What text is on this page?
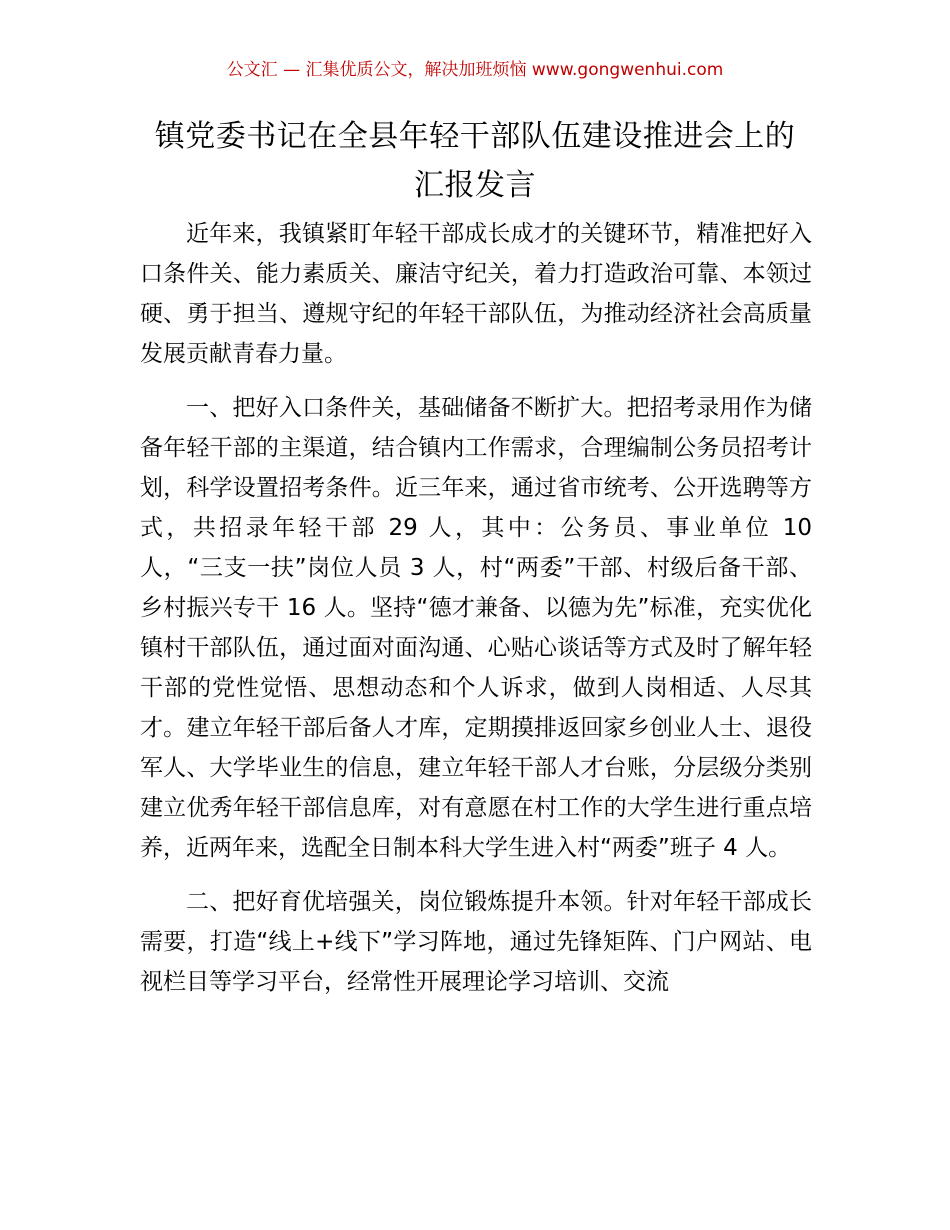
公文汇 — 汇集优质公文，解决加班烦恼 www.gongwenhui.com
镇党委书记在全县年轻干部队伍建设推进会上的汇报发言

近年来，我镇紧盯年轻干部成长成才的关键环节，精准把好入口条件关、能力素质关、廉洁守纪关，着力打造政治可靠、本领过硬、勇于担当、遵规守纪的年轻干部队伍，为推动经济社会高质量发展贡献青春力量。

一、把好入口条件关，基础储备不断扩大。把招考录用作为储备年轻干部的主渠道，结合镇内工作需求，合理编制公务员招考计划，科学设置招考条件。近三年来，通过省市统考、公开选聘等方式，共招录年轻干部 29 人，其中：公务员、事业单位 10 人，“三支一扶”岗位人员 3 人，村“两委”干部、村级后备干部、乡村振兴专干 16 人。坚持“德才兼备、以德为先”标准，充实优化镇村干部队伍，通过面对面沟通、心贴心谈话等方式及时了解年轻干部的党性觉悟、思想动态和个人诉求，做到人岗相适、人尽其才。建立年轻干部后备人才库，定期摸排返回家乡创业人士、退役军人、大学毕业生的信息，建立年轻干部人才台账，分层级分类别建立优秀年轻干部信息库，对有意愿在村工作的大学生进行重点培养，近两年来，选配全日制本科大学生进入村“两委”班子 4 人。

二、把好育优培强关，岗位锻炼提升本领。针对年轻干部成长需要，打造“线上+线下”学习阵地，通过先锋矩阵、门户网站、电视栏目等学习平台，经常性开展理论学习培训、交流
